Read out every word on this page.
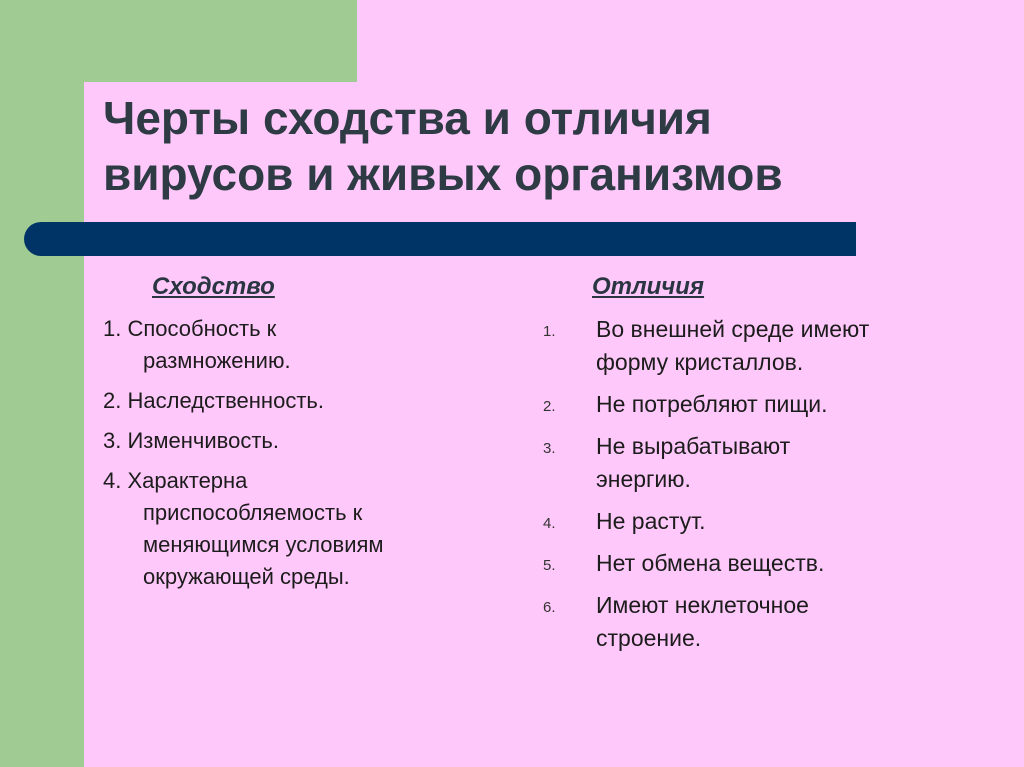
Черты сходства и отличия
вирусов и живых организмов
Сходство	Отличия
1. Способность к
размножению.
2. Наследственность.
3. Изменчивость.
4. Характерна
приспособляемость к
меняющимся условиям
окружающей среды.
1. Во внешней среде имеют
форму кристаллов.
2. Не потребляют пищи.
3. Не вырабатывают
энергию.
4. Не растут.
5. Нет обмена веществ.
6. Имеют неклеточное
строение.
